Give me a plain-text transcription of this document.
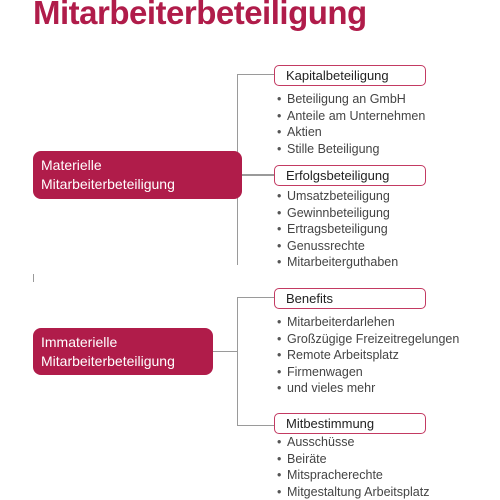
Mitarbeiterbeteiligung
Materielle
Mitarbeiterbeteiligung
Immaterielle
Mitarbeiterbeteiligung
Kapitalbeteiligung
• Beteiligung an GmbH
• Anteile am Unternehmen
• Aktien
• Stille Beteiligung
Erfolgsbeteiligung
• Umsatzbeteiligung
• Gewinnbeteiligung
• Ertragsbeteiligung
• Genussrechte
• Mitarbeiterguthaben
Benefits
• Mitarbeiterdarlehen
• Großzügige Freizeitregelungen
• Remote Arbeitsplatz
• Firmenwagen
• und vieles mehr
Mitbestimmung
• Ausschüsse
• Beiräte
• Mitspracherechte
• Mitgestaltung Arbeitsplatz
